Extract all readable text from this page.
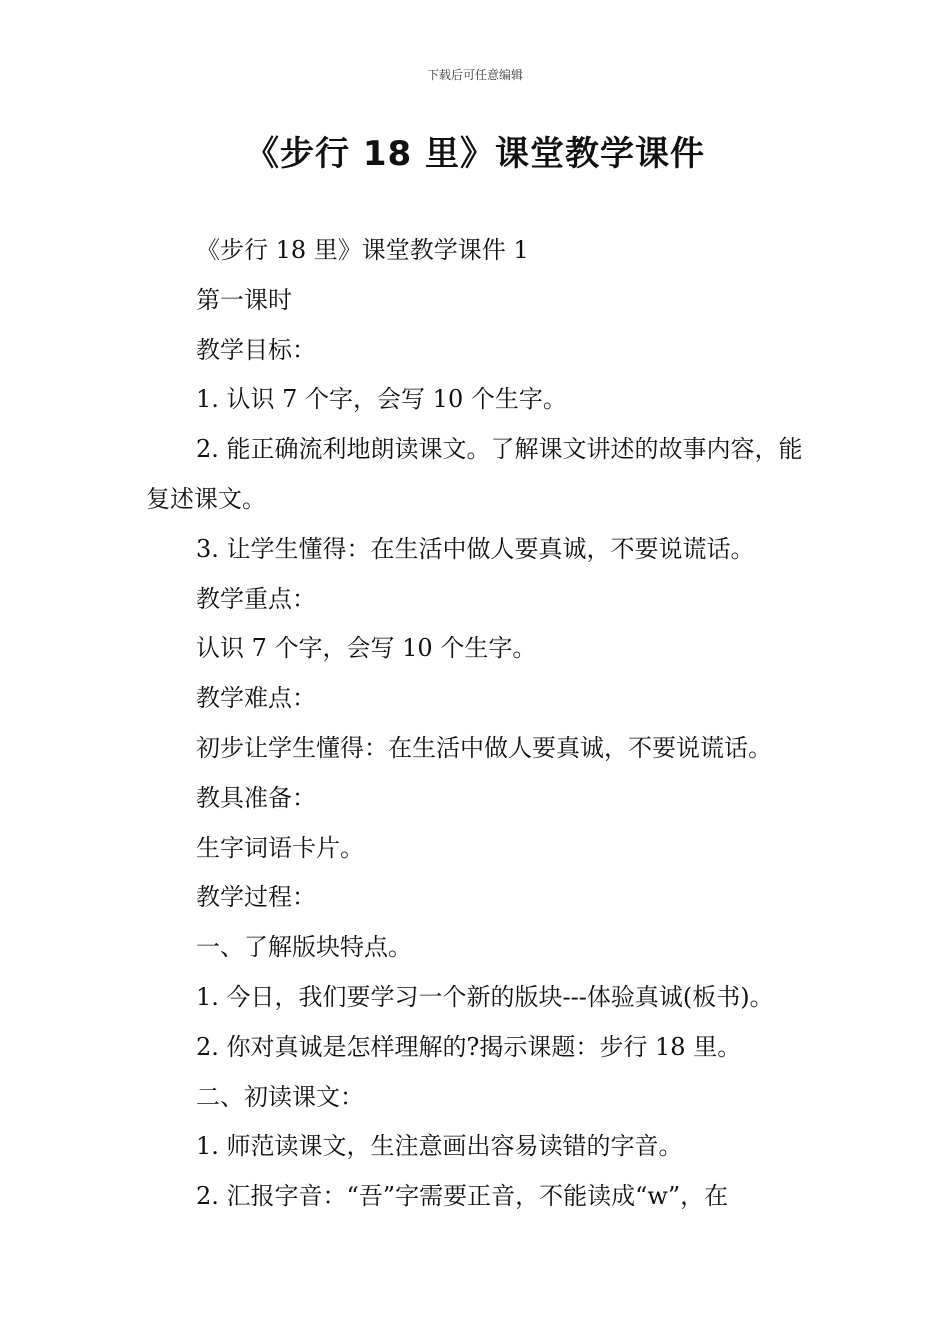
下载后可任意编辑
《步行 18 里》课堂教学课件

《步行 18 里》课堂教学课件 1

第一课时

教学目标：

1. 认识 7 个字，会写 10 个生字。

2. 能正确流利地朗读课文。了解课文讲述的故事内容，能复述课文。

3. 让学生懂得：在生活中做人要真诚，不要说谎话。

教学重点：

认识 7 个字，会写 10 个生字。

教学难点：

初步让学生懂得：在生活中做人要真诚，不要说谎话。

教具准备：

生字词语卡片。

教学过程：

一、了解版块特点。

1. 今日，我们要学习一个新的版块---体验真诚(板书)。

2. 你对真诚是怎样理解的?揭示课题：步行 18 里。

二、初读课文：

1. 师范读课文，生注意画出容易读错的字音。

2. 汇报字音：“吾”字需要正音，不能读成“w”，在
